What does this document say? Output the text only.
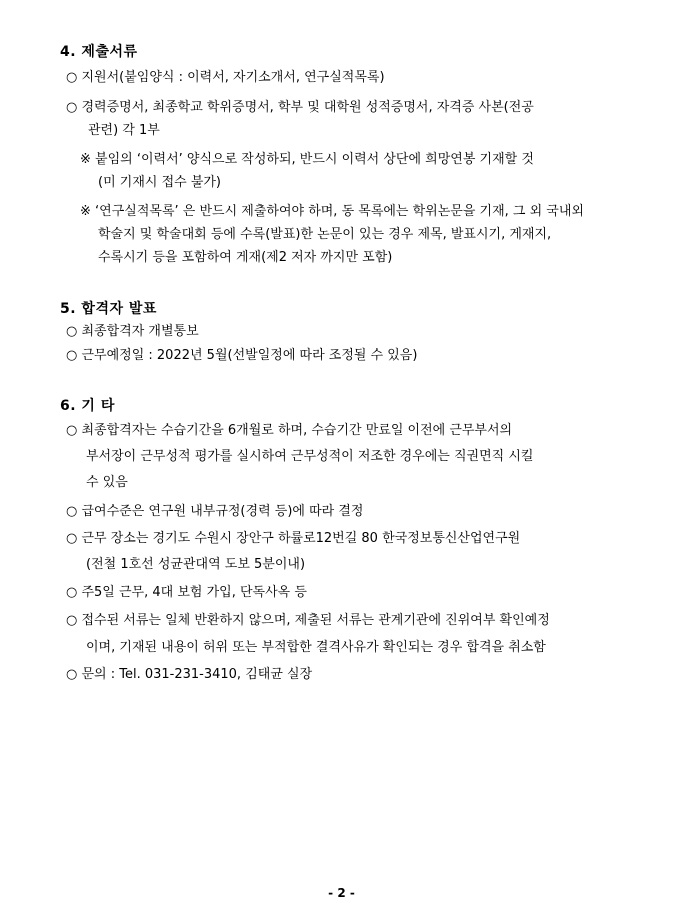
4. 제출서류
○ 지원서(붙임양식 : 이력서, 자기소개서, 연구실적목록)
○ 경력증명서, 최종학교 학위증명서, 학부 및 대학원 성적증명서, 자격증 사본(전공
관련) 각 1부
※ 붙임의 ‘이력서’ 양식으로 작성하되, 반드시 이력서 상단에 희망연봉 기재할 것
(미 기재시 접수 불가)
※ ‘연구실적목록’ 은 반드시 제출하여야 하며, 동 목록에는 학위논문을 기재, 그 외 국내외
학술지 및 학술대회 등에 수록(발표)한 논문이 있는 경우 제목, 발표시기, 게재지,
수록시기 등을 포함하여 게재(제2 저자 까지만 포함)
5. 합격자 발표
○ 최종합격자 개별통보
○ 근무예정일 : 2022년 5월(선발일정에 따라 조정될 수 있음)
6. 기 타
○ 최종합격자는 수습기간을 6개월로 하며, 수습기간 만료일 이전에 근무부서의
부서장이 근무성적 평가를 실시하여 근무성적이 저조한 경우에는 직권면직 시킬
수 있음
○ 급여수준은 연구원 내부규정(경력 등)에 따라 결정
○ 근무 장소는 경기도 수원시 장안구 하률로12번길 80 한국정보통신산업연구원
(전철 1호선 성균관대역 도보 5분이내)
○ 주5일 근무, 4대 보험 가입, 단독사옥 등
○ 접수된 서류는 일체 반환하지 않으며, 제출된 서류는 관계기관에 진위여부 확인예정
이며, 기재된 내용이 허위 또는 부적합한 결격사유가 확인되는 경우 합격을 취소함
○ 문의 : Tel. 031-231-3410, 김태균 실장
- 2 -
